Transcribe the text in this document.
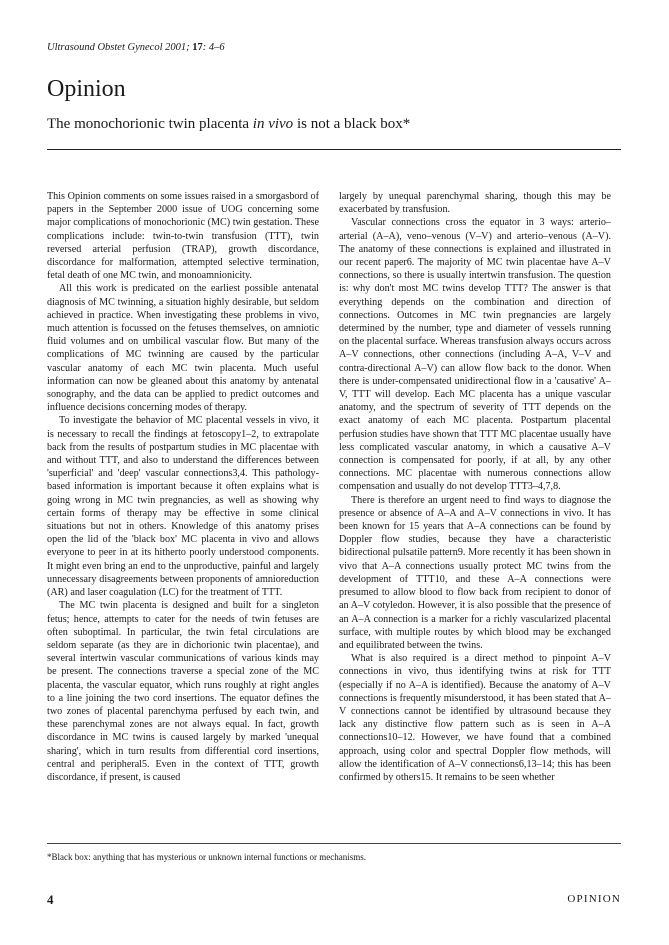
Ultrasound Obstet Gynecol 2001; 17: 4–6
Opinion
The monochorionic twin placenta in vivo is not a black box*

This Opinion comments on some issues raised in a smorgasbord of papers in the September 2000 issue of UOG concerning some major complications of monochorionic (MC) twin gestation. These complications include: twin-to-twin transfusion (TTT), twin reversed arterial perfusion (TRAP), growth discordance, discordance for malformation, attempted selective termination, fetal death of one MC twin, and monoamnionicity.

All this work is predicated on the earliest possible antenatal diagnosis of MC twinning, a situation highly desirable, but seldom achieved in practice. When investigating these problems in vivo, much attention is focussed on the fetuses themselves, on amniotic fluid volumes and on umbilical vascular flow. But many of the complications of MC twinning are caused by the particular vascular anatomy of each MC twin placenta. Much useful information can now be gleaned about this anatomy by antenatal sonography, and the data can be applied to predict outcomes and influence decisions concerning modes of therapy.

To investigate the behavior of MC placental vessels in vivo, it is necessary to recall the findings at fetoscopy1–2, to extrapolate back from the results of postpartum studies in MC placentae with and without TTT, and also to understand the differences between 'superficial' and 'deep' vascular connections3,4. This pathology-based information is important because it often explains what is going wrong in MC twin pregnancies, as well as showing why certain forms of therapy may be effective in some clinical situations but not in others. Knowledge of this anatomy prises open the lid of the 'black box' MC placenta in vivo and allows everyone to peer in at its hitherto poorly understood components. It might even bring an end to the unproductive, painful and largely unnecessary disagreements between proponents of amnioreduction (AR) and laser coagulation (LC) for the treatment of TTT.

The MC twin placenta is designed and built for a singleton fetus; hence, attempts to cater for the needs of twin fetuses are often suboptimal. In particular, the twin fetal circulations are seldom separate (as they are in dichorionic twin placentae), and several intertwin vascular communications of various kinds may be present. The connections traverse a special zone of the MC placenta, the vascular equator, which runs roughly at right angles to a line joining the two cord insertions. The equator defines the two zones of placental parenchyma perfused by each twin, and these parenchymal zones are not always equal. In fact, growth discordance in MC twins is caused largely by marked 'unequal sharing', which in turn results from differential cord insertions, central and peripheral5. Even in the context of TTT, growth discordance, if present, is caused

largely by unequal parenchymal sharing, though this may be exacerbated by transfusion.

Vascular connections cross the equator in 3 ways: arterio–arterial (A–A), veno–venous (V–V) and arterio–venous (A–V). The anatomy of these connections is explained and illustrated in our recent paper6. The majority of MC twin placentae have A–V connections, so there is usually intertwin transfusion. The question is: why don't most MC twins develop TTT? The answer is that everything depends on the combination and direction of connections. Outcomes in MC twin pregnancies are largely determined by the number, type and diameter of vessels running on the placental surface. Whereas transfusion always occurs across A–V connections, other connections (including A–A, V–V and contra-directional A–V) can allow flow back to the donor. When there is under-compensated unidirectional flow in a 'causative' A–V, TTT will develop. Each MC placenta has a unique vascular anatomy, and the spectrum of severity of TTT depends on the exact anatomy of each MC placenta. Postpartum placental perfusion studies have shown that TTT MC placentae usually have less complicated vascular anatomy, in which a causative A–V connection is compensated for poorly, if at all, by any other connections. MC placentae with numerous connections allow compensation and usually do not develop TTT3–4,7,8.

There is therefore an urgent need to find ways to diagnose the presence or absence of A–A and A–V connections in vivo. It has been known for 15 years that A–A connections can be found by Doppler flow studies, because they have a characteristic bidirectional pulsatile pattern9. More recently it has been shown in vivo that A–A connections usually protect MC twins from the development of TTT10, and these A–A connections were presumed to allow blood to flow back from recipient to donor of an A–V cotyledon. However, it is also possible that the presence of an A–A connection is a marker for a richly vascularized placental surface, with multiple routes by which blood may be exchanged and equilibrated between the twins.

What is also required is a direct method to pinpoint A–V connections in vivo, thus identifying twins at risk for TTT (especially if no A–A is identified). Because the anatomy of A–V connections is frequently misunderstood, it has been stated that A–V connections cannot be identified by ultrasound because they lack any distinctive flow pattern such as is seen in A–A connections10–12. However, we have found that a combined approach, using color and spectral Doppler flow methods, will allow the identification of A–V connections6,13–14; this has been confirmed by others15. It remains to be seen whether

*Black box: anything that has mysterious or unknown internal functions or mechanisms.
4	OPINION
